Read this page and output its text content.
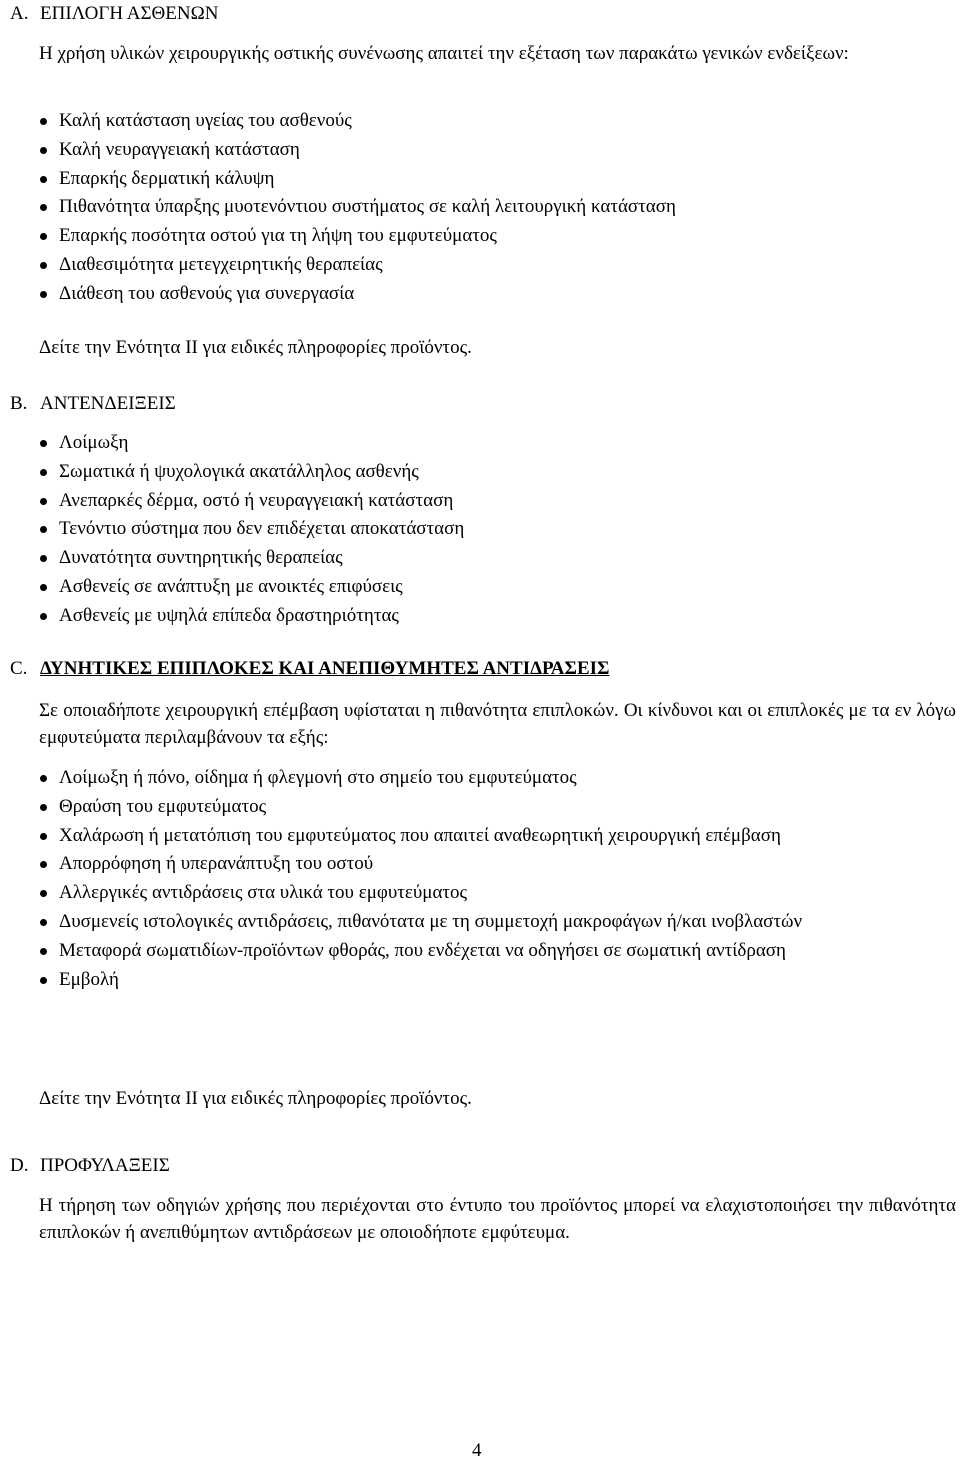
A. ΕΠΙΛΟΓΗ ΑΣΘΕΝΩΝ

Η χρήση υλικών χειρουργικής οστικής συνένωσης απαιτεί την εξέταση των παρακάτω γενικών ενδείξεων:

Καλή κατάσταση υγείας του ασθενούς
Καλή νευραγγειακή κατάσταση
Επαρκής δερματική κάλυψη
Πιθανότητα ύπαρξης μυοτενόντιου συστήματος σε καλή λειτουργική κατάσταση
Επαρκής ποσότητα οστού για τη λήψη του εμφυτεύματος
Διαθεσιμότητα μετεγχειρητικής θεραπείας
Διάθεση του ασθενούς για συνεργασία

Δείτε την Ενότητα II για ειδικές πληροφορίες προϊόντος.

B. ΑΝΤΕΝΔΕΙΞΕΙΣ
Λοίμωξη
Σωματικά ή ψυχολογικά ακατάλληλος ασθενής
Ανεπαρκές δέρμα, οστό ή νευραγγειακή κατάσταση
Τενόντιο σύστημα που δεν επιδέχεται αποκατάσταση
Δυνατότητα συντηρητικής θεραπείας
Ασθενείς σε ανάπτυξη με ανοικτές επιφύσεις
Ασθενείς με υψηλά επίπεδα δραστηριότητας
C. ΔΥΝΗΤΙΚΕΣ ΕΠΙΠΛΟΚΕΣ ΚΑΙ ΑΝΕΠΙΘΥΜΗΤΕΣ ΑΝΤΙΔΡΑΣΕΙΣ

Σε οποιαδήποτε χειρουργική επέμβαση υφίσταται η πιθανότητα επιπλοκών. Οι κίνδυνοι και οι επιπλοκές με τα εν λόγω εμφυτεύματα περιλαμβάνουν τα εξής:

Λοίμωξη ή πόνο, οίδημα ή φλεγμονή στο σημείο του εμφυτεύματος
Θραύση του εμφυτεύματος
Χαλάρωση ή μετατόπιση του εμφυτεύματος που απαιτεί αναθεωρητική χειρουργική επέμβαση
Απορρόφηση ή υπερανάπτυξη του οστού
Αλλεργικές αντιδράσεις στα υλικά του εμφυτεύματος
Δυσμενείς ιστολογικές αντιδράσεις, πιθανότατα με τη συμμετοχή μακροφάγων ή/και ινοβλαστών
Μεταφορά σωματιδίων-προϊόντων φθοράς, που ενδέχεται να οδηγήσει σε σωματική αντίδραση
Εμβολή

Δείτε την Ενότητα II για ειδικές πληροφορίες προϊόντος.

D. ΠΡΟΦΥΛΑΞΕΙΣ

Η τήρηση των οδηγιών χρήσης που περιέχονται στο έντυπο του προϊόντος μπορεί να ελαχιστοποιήσει την πιθανότητα επιπλοκών ή ανεπιθύμητων αντιδράσεων με οποιοδήποτε εμφύτευμα.

4
